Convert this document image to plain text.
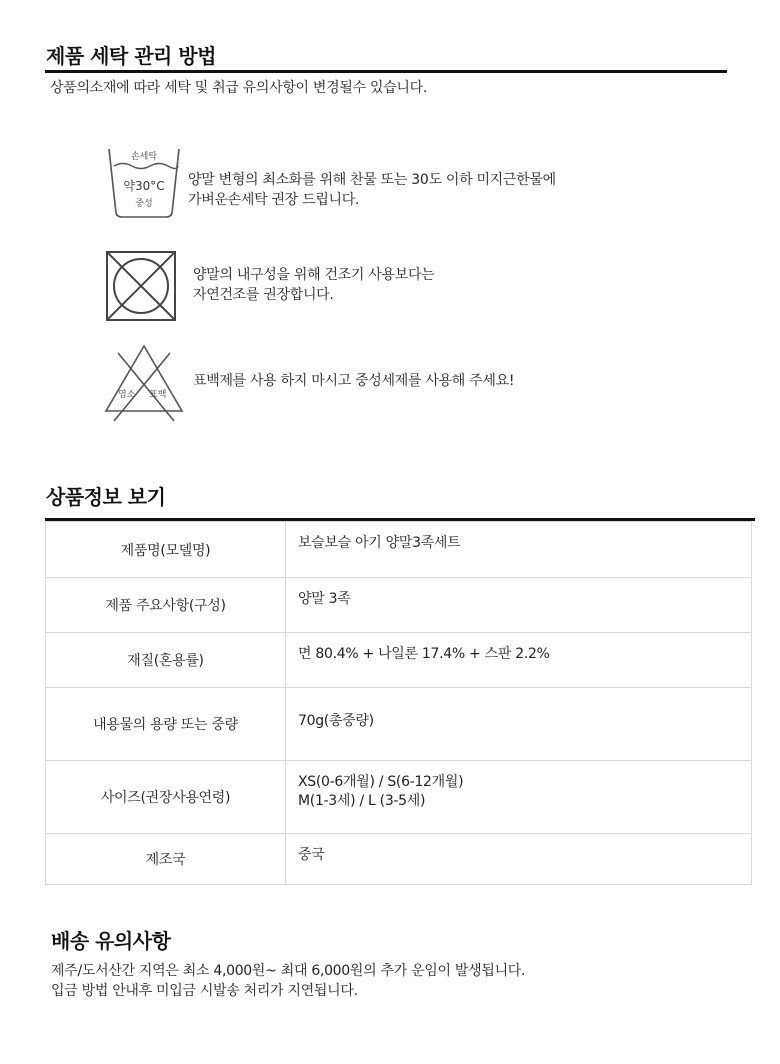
제품 세탁 관리 방법
상품의소재에 따라 세탁 및 취급 유의사항이 변경될수 있습니다.
손세탁
약30°C
중성
양말 변형의 최소화를 위해 찬물 또는 30도 이하 미지근한물에
가벼운손세탁 권장 드립니다.
양말의 내구성을 위해 건조기 사용보다는
자연건조를 권장합니다.
염소 표백
표백제를 사용 하지 마시고 중성세제를 사용해 주세요!
상품정보 보기
제품명(모델명)	보슬보슬 아기 양말3족세트

제품 주요사항(구성)	양말 3족

재질(혼용률)	면 80.4% + 나일론 17.4% + 스판 2.2%

내용물의 용량 또는 중량	70g(총중량)

사이즈(권장사용연령)	XS(0-6개월) / S(6-12개월)
M(1-3세) / L (3-5세)

제조국	중국
배송 유의사항
제주/도서산간 지역은 최소 4,000원~ 최대 6,000원의 추가 운임이 발생됩니다.
입금 방법 안내후 미입금 시발송 처리가 지연됩니다.
